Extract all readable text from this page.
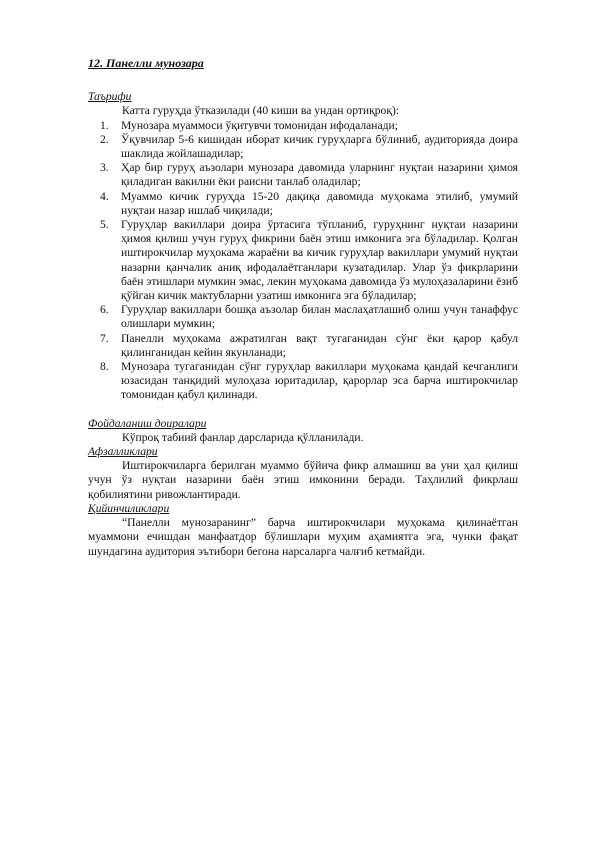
12. Панелли мунозара
Таърифи

Катта гуруҳда ўтказилади (40 киши ва ундан ортиқроқ):

1. Мунозара муаммоси ўқитувчи томонидан ифодаланади;
2. Ўқувчилар 5-6 кишидан иборат кичик гуруҳларга бўлиниб, аудиторияда доира шаклида жойлашадилар;
3. Ҳар бир гуруҳ аъзолари мунозара давомида уларнинг нуқтаи назарини ҳимоя қиладиган вакилни ёки раисни танлаб оладилар;
4. Муаммо кичик гуруҳда 15-20 дақиқа давомида муҳокама этилиб, умумий нуқтаи назар ишлаб чиқилади;
5. Гуруҳлар вакиллари доира ўртасига тўпланиб, гуруҳнинг нуқтаи назарини ҳимоя қилиш учун гуруҳ фикрини баён этиш имконига эга бўладилар. Қолган иштирокчилар муҳокама жараёни ва кичик гуруҳлар вакиллари умумий нуқтаи назарни қанчалик аниқ ифодалаётганлари кузатадилар. Улар ўз фикрларини баён этишлари мумкин эмас, лекин муҳокама давомида ўз мулоҳазаларини ёзиб қўйган кичик мактубларни узатиш имконига эга бўладилар;
6. Гуруҳлар вакиллари бошқа аъзолар билан маслаҳатлашиб олиш учун танаффус олишлари мумкин;
7. Панелли муҳокама ажратилган вақт тугаганидан сўнг ёки қарор қабул қилинганидан кейин якунланади;
8. Мунозара тугаганидан сўнг гуруҳлар вакиллари муҳокама қандай кечганлиги юзасидан танқидий мулоҳаза юритадилар, қарорлар эса барча иштирокчилар томонидан қабул қилинади.
Фойдаланиш доиралари

Кўпроқ табиий фанлар дарсларида қўлланилади.

Афзалликлари

Иштирокчиларга берилган муаммо бўйича фикр алмашиш ва уни ҳал қилиш учун ўз нуқтаи назарини баён этиш имконини беради. Таҳлилий фикрлаш қобилиятини ривожлантиради.

Қийинчиликлари

“Панелли мунозаранинг” барча иштирокчилари муҳокама қилинаётган муаммони ечишдан манфаатдор бўлишлари муҳим аҳамиятга эга, чунки фақат шундагина аудитория эътибори бегона нарсаларга чалғиб кетмайди.
